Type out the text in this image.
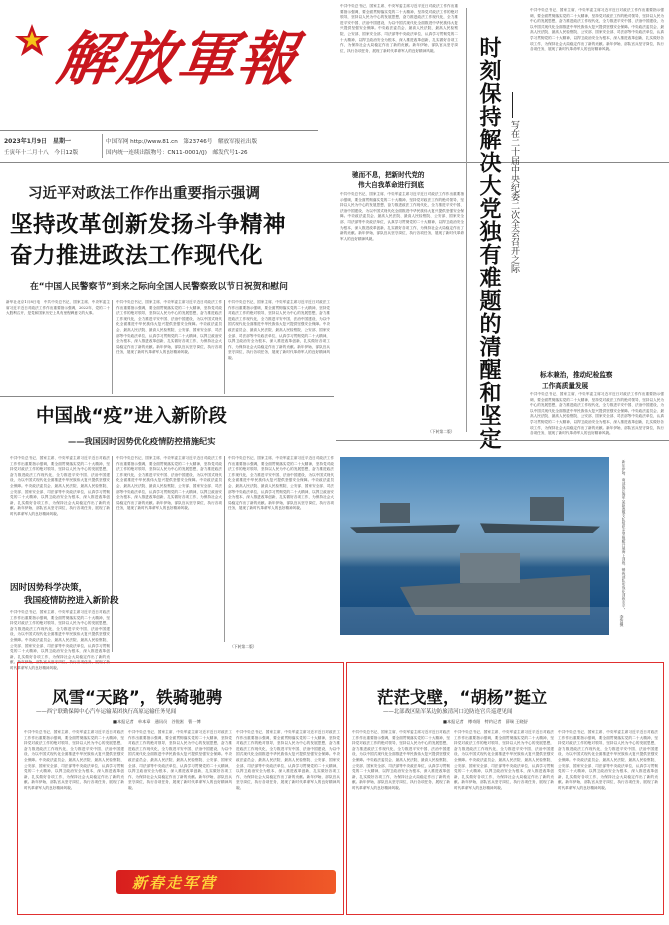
解放軍報
2023年1月9日　星期一
壬寅年十二月十八　今日12版
中国军网 http://www.81.cn　第23746号　解放军报社出版
国内统一连续出版物号：CN11-0001/(J)　邮发代号1-26
习近平对政法工作作出重要指示强调
坚持改革创新发扬斗争精神
奋力推进政法工作现代化
在“中国人民警察节”到来之际向全国人民警察致以节日祝贺和慰问
新华社北京1月8日电　中共中央总书记、国家主席、中央军委主席习近平近日对政法工作作出重要指示强调，2022年，党的二十大胜利召开，是党和国家历史上具有里程碑意义的大事。
中共中央总书记、国家主席、中央军委主席习近平近日对政法工作作出重要指示强调，要全面贯彻落实党的二十大精神，坚持党对政法工作的绝对领导，坚持以人民为中心的发展思想，奋力推进政法工作现代化，全力推进平安中国、法治中国建设，为以中国式现代化全面推进中华民族伟大复兴提供坚强安全保障。中央政法委员会、最高人民法院、最高人民检察院、公安部、国家安全部、司法部等中央政法单位，认真学习贯彻党的二十大精神，以捍卫政治安全为根本，深入推进改革创新，扎实做好各项工作，为保持社会大局稳定作出了新的贡献。新年伊始，部队官兵坚守岗位，执行各项任务，展现了新时代革命军人的良好精神风貌。
中共中央总书记、国家主席、中央军委主席习近平近日对政法工作作出重要指示强调，要全面贯彻落实党的二十大精神，坚持党对政法工作的绝对领导，坚持以人民为中心的发展思想，奋力推进政法工作现代化，全力推进平安中国、法治中国建设，为以中国式现代化全面推进中华民族伟大复兴提供坚强安全保障。中央政法委员会、最高人民法院、最高人民检察院、公安部、国家安全部、司法部等中央政法单位，认真学习贯彻党的二十大精神，以捍卫政治安全为根本，深入推进改革创新，扎实做好各项工作，为保持社会大局稳定作出了新的贡献。新年伊始，部队官兵坚守岗位，执行各项任务，展现了新时代革命军人的良好精神风貌。
中共中央总书记、国家主席、中央军委主席习近平近日对政法工作作出重要指示强调，要全面贯彻落实党的二十大精神，坚持党对政法工作的绝对领导，坚持以人民为中心的发展思想，奋力推进政法工作现代化，全力推进平安中国、法治中国建设，为以中国式现代化全面推进中华民族伟大复兴提供坚强安全保障。中央政法委员会、最高人民法院、最高人民检察院、公安部、国家安全部、司法部等中央政法单位，认真学习贯彻党的二十大精神，以捍卫政治安全为根本，深入推进改革创新，扎实做好各项工作，为保持社会大局稳定作出了新的贡献。新年伊始，部队官兵坚守岗位，执行各项任务，展现了新时代革命军人的良好精神风貌。
驰而不息，把新时代党的
伟大自我革命进行到底
中共中央总书记、国家主席、中央军委主席习近平近日对政法工作作出重要指示强调，要全面贯彻落实党的二十大精神，坚持党对政法工作的绝对领导，坚持以人民为中心的发展思想，奋力推进政法工作现代化，全力推进平安中国、法治中国建设，为以中国式现代化全面推进中华民族伟大复兴提供坚强安全保障。中央政法委员会、最高人民法院、最高人民检察院、公安部、国家安全部、司法部等中央政法单位，认真学习贯彻党的二十大精神，以捍卫政治安全为根本，深入推进改革创新，扎实做好各项工作，为保持社会大局稳定作出了新的贡献。新年伊始，部队官兵坚守岗位，执行各项任务，展现了新时代革命军人的良好精神风貌。	时刻保持解决大党独有难题的清醒和坚定 写在二十届中央纪委二次全会召开之际
中共中央总书记、国家主席、中央军委主席习近平近日对政法工作作出重要指示强调，要全面贯彻落实党的二十大精神，坚持党对政法工作的绝对领导，坚持以人民为中心的发展思想，奋力推进政法工作现代化，全力推进平安中国、法治中国建设，为以中国式现代化全面推进中华民族伟大复兴提供坚强安全保障。中央政法委员会、最高人民法院、最高人民检察院、公安部、国家安全部、司法部等中央政法单位，认真学习贯彻党的二十大精神，以捍卫政治安全为根本，深入推进改革创新，扎实做好各项工作，为保持社会大局稳定作出了新的贡献。新年伊始，部队官兵坚守岗位，执行各项任务，展现了新时代革命军人的良好精神风貌。
标本兼治，推动纪检监察
工作高质量发展
中共中央总书记、国家主席、中央军委主席习近平近日对政法工作作出重要指示强调，要全面贯彻落实党的二十大精神，坚持党对政法工作的绝对领导，坚持以人民为中心的发展思想，奋力推进政法工作现代化，全力推进平安中国、法治中国建设，为以中国式现代化全面推进中华民族伟大复兴提供坚强安全保障。中央政法委员会、最高人民法院、最高人民检察院、公安部、国家安全部、司法部等中央政法单位，认真学习贯彻党的二十大精神，以捍卫政治安全为根本，深入推进改革创新，扎实做好各项工作，为保持社会大局稳定作出了新的贡献。新年伊始，部队官兵坚守岗位，执行各项任务，展现了新时代革命军人的良好精神风貌。
（下转第二版）
中国战“疫”进入新阶段
——我国因时因势优化疫情防控措施纪实
中共中央总书记、国家主席、中央军委主席习近平近日对政法工作作出重要指示强调，要全面贯彻落实党的二十大精神，坚持党对政法工作的绝对领导，坚持以人民为中心的发展思想，奋力推进政法工作现代化，全力推进平安中国、法治中国建设，为以中国式现代化全面推进中华民族伟大复兴提供坚强安全保障。中央政法委员会、最高人民法院、最高人民检察院、公安部、国家安全部、司法部等中央政法单位，认真学习贯彻党的二十大精神，以捍卫政治安全为根本，深入推进改革创新，扎实做好各项工作，为保持社会大局稳定作出了新的贡献。新年伊始，部队官兵坚守岗位，执行各项任务，展现了新时代革命军人的良好精神风貌。
中共中央总书记、国家主席、中央军委主席习近平近日对政法工作作出重要指示强调，要全面贯彻落实党的二十大精神，坚持党对政法工作的绝对领导，坚持以人民为中心的发展思想，奋力推进政法工作现代化，全力推进平安中国、法治中国建设，为以中国式现代化全面推进中华民族伟大复兴提供坚强安全保障。中央政法委员会、最高人民法院、最高人民检察院、公安部、国家安全部、司法部等中央政法单位，认真学习贯彻党的二十大精神，以捍卫政治安全为根本，深入推进改革创新，扎实做好各项工作，为保持社会大局稳定作出了新的贡献。新年伊始，部队官兵坚守岗位，执行各项任务，展现了新时代革命军人的良好精神风貌。
中共中央总书记、国家主席、中央军委主席习近平近日对政法工作作出重要指示强调，要全面贯彻落实党的二十大精神，坚持党对政法工作的绝对领导，坚持以人民为中心的发展思想，奋力推进政法工作现代化，全力推进平安中国、法治中国建设，为以中国式现代化全面推进中华民族伟大复兴提供坚强安全保障。中央政法委员会、最高人民法院、最高人民检察院、公安部、国家安全部、司法部等中央政法单位，认真学习贯彻党的二十大精神，以捍卫政治安全为根本，深入推进改革创新，扎实做好各项工作，为保持社会大局稳定作出了新的贡献。新年伊始，部队官兵坚守岗位，执行各项任务，展现了新时代革命军人的良好精神风貌。
因时因势科学决策，
我国疫情防控进入新阶段
中共中央总书记、国家主席、中央军委主席习近平近日对政法工作作出重要指示强调，要全面贯彻落实党的二十大精神，坚持党对政法工作的绝对领导，坚持以人民为中心的发展思想，奋力推进政法工作现代化，全力推进平安中国、法治中国建设，为以中国式现代化全面推进中华民族伟大复兴提供坚强安全保障。中央政法委员会、最高人民法院、最高人民检察院、公安部、国家安全部、司法部等中央政法单位，认真学习贯彻党的二十大精神，以捍卫政治安全为根本，深入推进改革创新，扎实做好各项工作，为保持社会大局稳定作出了新的贡献。新年伊始，部队官兵坚守岗位，执行各项任务，展现了新时代革命军人的良好精神风貌。
（下转第二版）
新年伊始，南部战区海军某驱逐舰支队组织多型舰艇开展海上训练，锤炼部队实战化训练水平。
李智摄
风雪“天路”，铁骑驰骋
——西宁联勤保障中心汽车运输某团执行高原运输任务见闻
■本报记者　单本章　通讯员　谷锐淞　曹一博
中共中央总书记、国家主席、中央军委主席习近平近日对政法工作作出重要指示强调，要全面贯彻落实党的二十大精神，坚持党对政法工作的绝对领导，坚持以人民为中心的发展思想，奋力推进政法工作现代化，全力推进平安中国、法治中国建设，为以中国式现代化全面推进中华民族伟大复兴提供坚强安全保障。中央政法委员会、最高人民法院、最高人民检察院、公安部、国家安全部、司法部等中央政法单位，认真学习贯彻党的二十大精神，以捍卫政治安全为根本，深入推进改革创新，扎实做好各项工作，为保持社会大局稳定作出了新的贡献。新年伊始，部队官兵坚守岗位，执行各项任务，展现了新时代革命军人的良好精神风貌。
中共中央总书记、国家主席、中央军委主席习近平近日对政法工作作出重要指示强调，要全面贯彻落实党的二十大精神，坚持党对政法工作的绝对领导，坚持以人民为中心的发展思想，奋力推进政法工作现代化，全力推进平安中国、法治中国建设，为以中国式现代化全面推进中华民族伟大复兴提供坚强安全保障。中央政法委员会、最高人民法院、最高人民检察院、公安部、国家安全部、司法部等中央政法单位，认真学习贯彻党的二十大精神，以捍卫政治安全为根本，深入推进改革创新，扎实做好各项工作，为保持社会大局稳定作出了新的贡献。新年伊始，部队官兵坚守岗位，执行各项任务，展现了新时代革命军人的良好精神风貌。
中共中央总书记、国家主席、中央军委主席习近平近日对政法工作作出重要指示强调，要全面贯彻落实党的二十大精神，坚持党对政法工作的绝对领导，坚持以人民为中心的发展思想，奋力推进政法工作现代化，全力推进平安中国、法治中国建设，为以中国式现代化全面推进中华民族伟大复兴提供坚强安全保障。中央政法委员会、最高人民法院、最高人民检察院、公安部、国家安全部、司法部等中央政法单位，认真学习贯彻党的二十大精神，以捍卫政治安全为根本，深入推进改革创新，扎实做好各项工作，为保持社会大局稳定作出了新的贡献。新年伊始，部队官兵坚守岗位，执行各项任务，展现了新时代革命军人的良好精神风貌。
新春走军营
茫茫戈壁，“胡杨”挺立
——北部战区陆军某边防旅清河口边防连官兵巡逻见闻
■本报记者　傅奇阳　特约记者　薛瑞 王晓舒
中共中央总书记、国家主席、中央军委主席习近平近日对政法工作作出重要指示强调，要全面贯彻落实党的二十大精神，坚持党对政法工作的绝对领导，坚持以人民为中心的发展思想，奋力推进政法工作现代化，全力推进平安中国、法治中国建设，为以中国式现代化全面推进中华民族伟大复兴提供坚强安全保障。中央政法委员会、最高人民法院、最高人民检察院、公安部、国家安全部、司法部等中央政法单位，认真学习贯彻党的二十大精神，以捍卫政治安全为根本，深入推进改革创新，扎实做好各项工作，为保持社会大局稳定作出了新的贡献。新年伊始，部队官兵坚守岗位，执行各项任务，展现了新时代革命军人的良好精神风貌。
中共中央总书记、国家主席、中央军委主席习近平近日对政法工作作出重要指示强调，要全面贯彻落实党的二十大精神，坚持党对政法工作的绝对领导，坚持以人民为中心的发展思想，奋力推进政法工作现代化，全力推进平安中国、法治中国建设，为以中国式现代化全面推进中华民族伟大复兴提供坚强安全保障。中央政法委员会、最高人民法院、最高人民检察院、公安部、国家安全部、司法部等中央政法单位，认真学习贯彻党的二十大精神，以捍卫政治安全为根本，深入推进改革创新，扎实做好各项工作，为保持社会大局稳定作出了新的贡献。新年伊始，部队官兵坚守岗位，执行各项任务，展现了新时代革命军人的良好精神风貌。
中共中央总书记、国家主席、中央军委主席习近平近日对政法工作作出重要指示强调，要全面贯彻落实党的二十大精神，坚持党对政法工作的绝对领导，坚持以人民为中心的发展思想，奋力推进政法工作现代化，全力推进平安中国、法治中国建设，为以中国式现代化全面推进中华民族伟大复兴提供坚强安全保障。中央政法委员会、最高人民法院、最高人民检察院、公安部、国家安全部、司法部等中央政法单位，认真学习贯彻党的二十大精神，以捍卫政治安全为根本，深入推进改革创新，扎实做好各项工作，为保持社会大局稳定作出了新的贡献。新年伊始，部队官兵坚守岗位，执行各项任务，展现了新时代革命军人的良好精神风貌。
